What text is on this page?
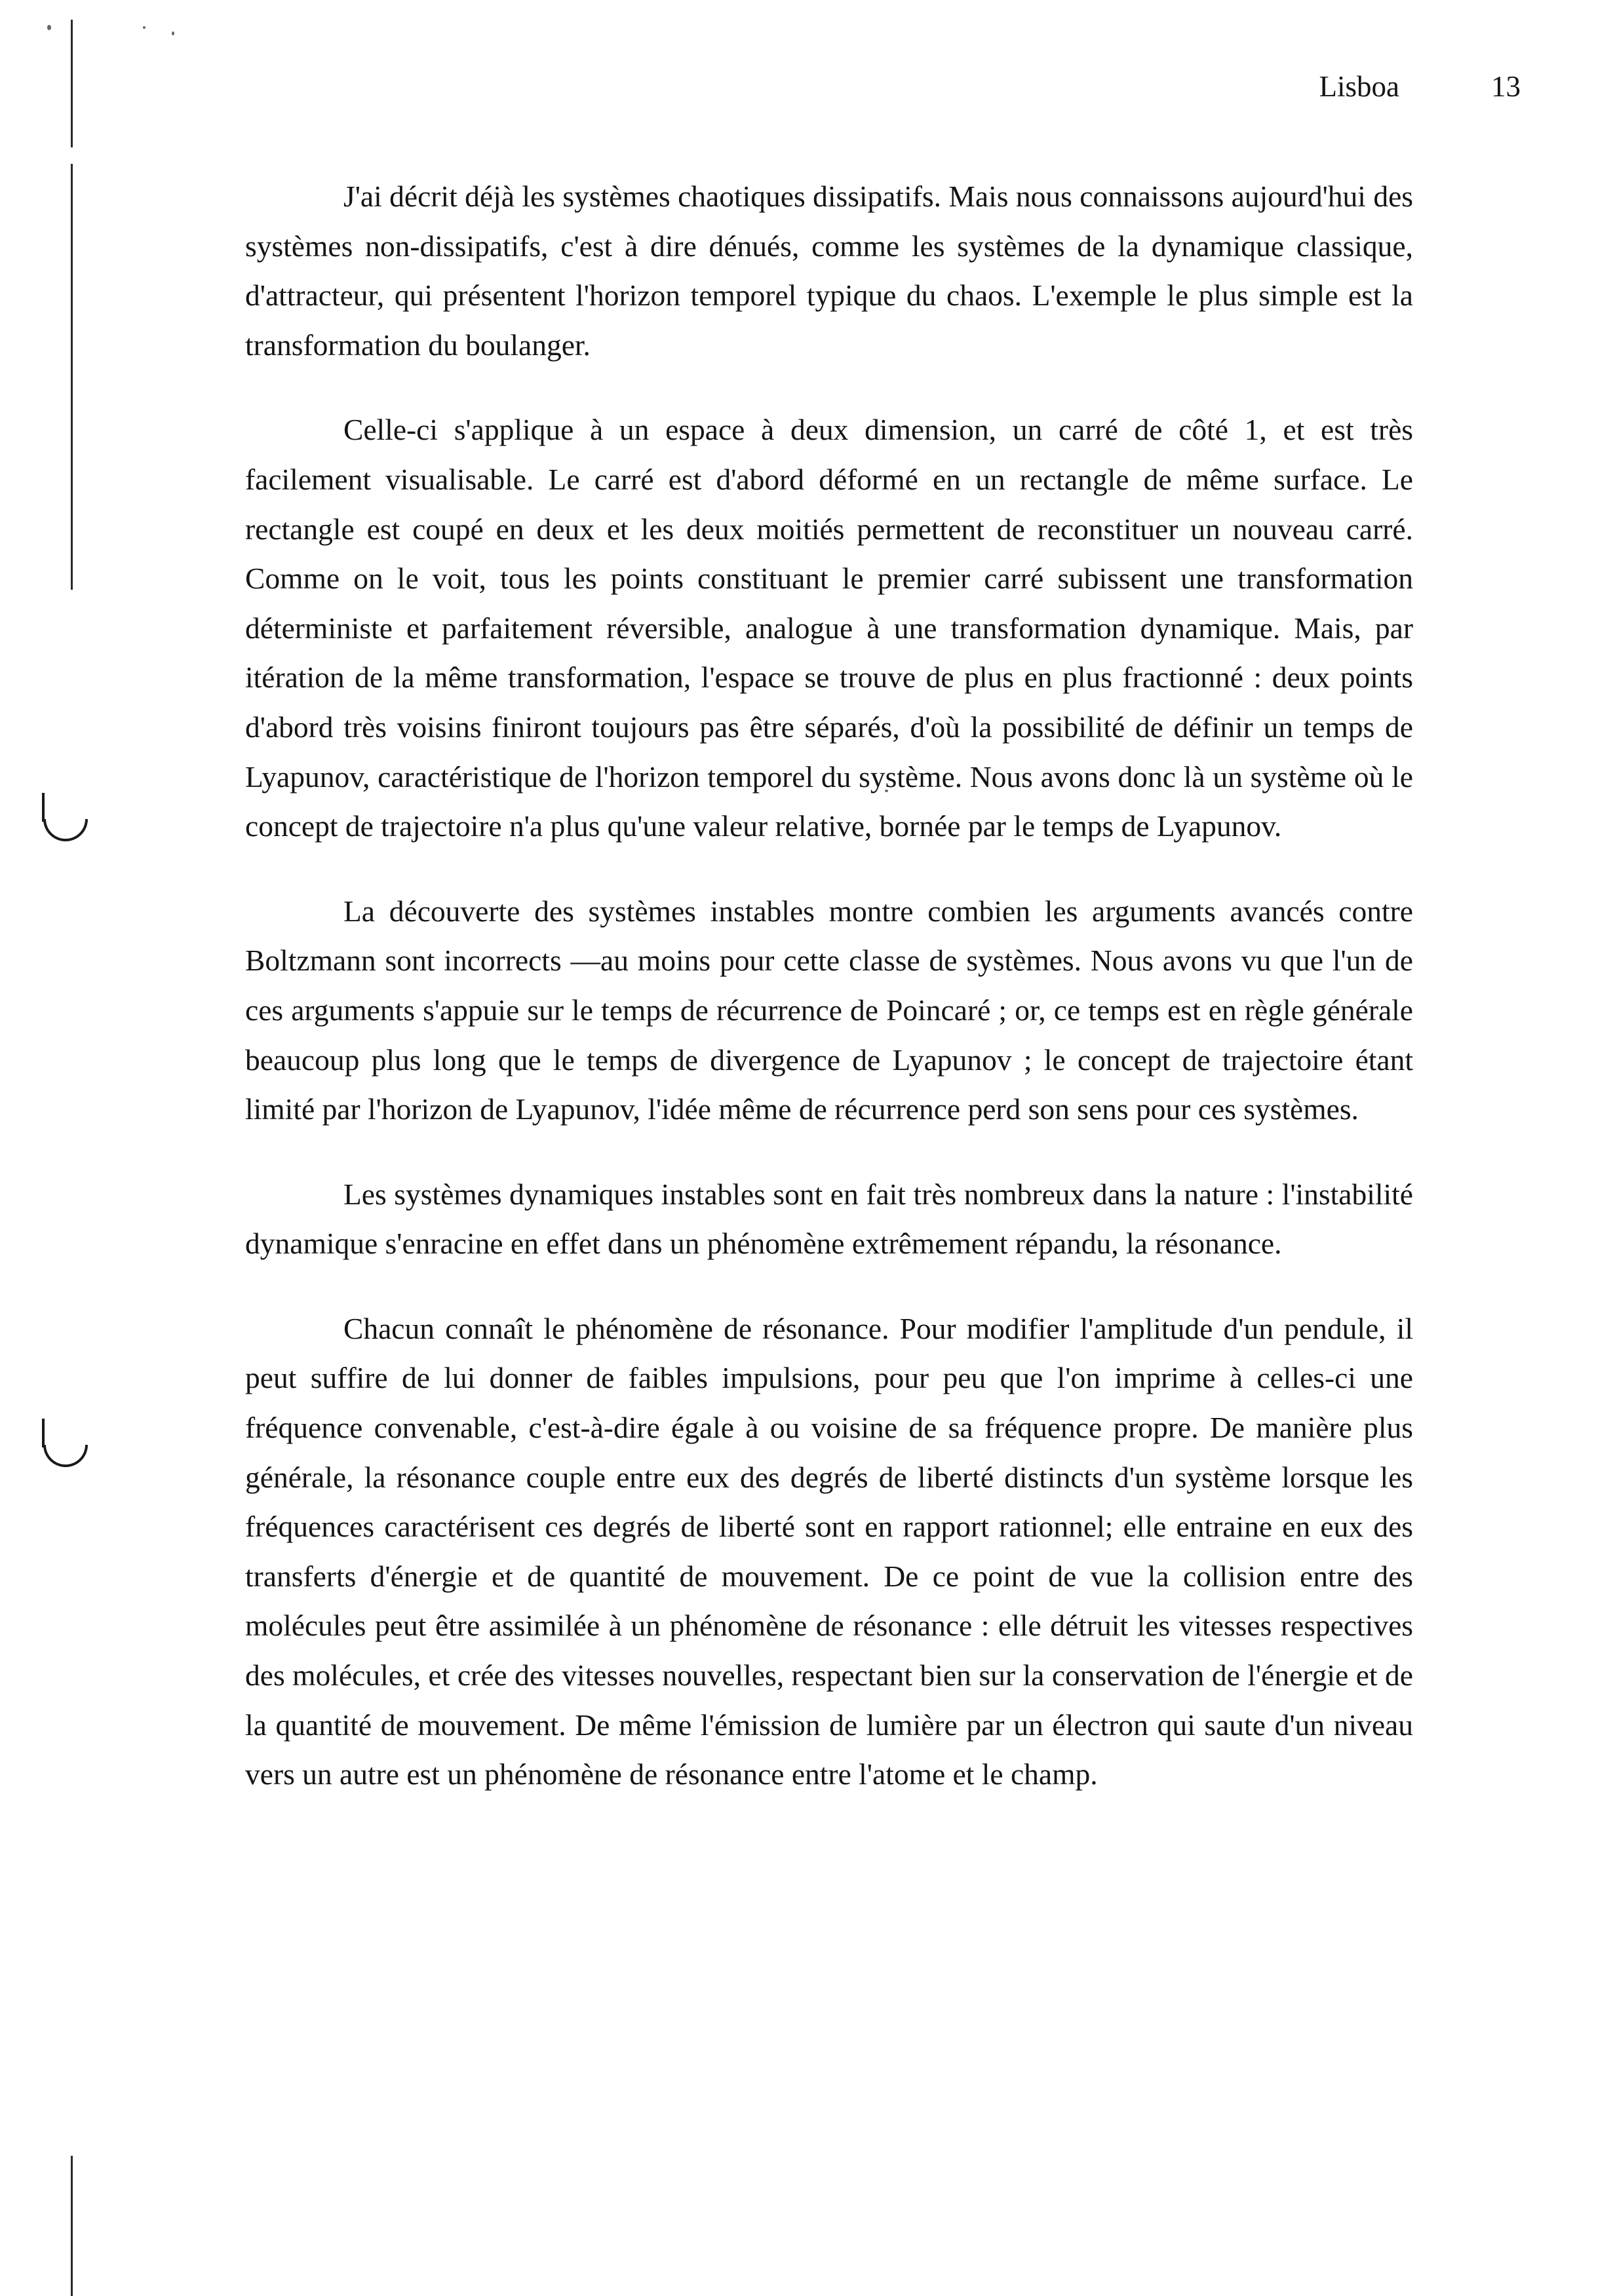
Lisboa	13

J'ai décrit déjà les systèmes chaotiques dissipatifs. Mais nous connaissons aujourd'hui des systèmes non-dissipatifs, c'est à dire dénués, comme les systèmes de la dynamique classique, d'attracteur, qui présentent l'horizon temporel typique du chaos. L'exemple le plus simple est la transformation du boulanger.

Celle-ci s'applique à un espace à deux dimension, un carré de côté 1, et est très facilement visualisable. Le carré est d'abord déformé en un rectangle de même surface. Le rectangle est coupé en deux et les deux moitiés permettent de reconstituer un nouveau carré. Comme on le voit, tous les points constituant le premier carré subissent une transformation déterministe et parfaitement réversible, analogue à une transformation dynamique. Mais, par itération de la même transformation, l'espace se trouve de plus en plus fractionné : deux points d'abord très voisins finiront toujours pas être séparés, d'où la possibilité de définir un temps de Lyapunov, caractéristique de l'horizon temporel du système. Nous avons donc là un système où le concept de trajectoire n'a plus qu'une valeur relative, bornée par le temps de Lyapunov.

La découverte des systèmes instables montre combien les arguments avancés contre Boltzmann sont incorrects —au moins pour cette classe de systèmes. Nous avons vu que l'un de ces arguments s'appuie sur le temps de récurrence de Poincaré ; or, ce temps est en règle générale beaucoup plus long que le temps de divergence de Lyapunov ; le concept de trajectoire étant limité par l'horizon de Lyapunov, l'idée même de récurrence perd son sens pour ces systèmes.

Les systèmes dynamiques instables sont en fait très nombreux dans la nature : l'instabilité dynamique s'enracine en effet dans un phénomène extrêmement répandu, la résonance.

Chacun connaît le phénomène de résonance. Pour modifier l'amplitude d'un pendule, il peut suffire de lui donner de faibles impulsions, pour peu que l'on imprime à celles-ci une fréquence convenable, c'est-à-dire égale à ou voisine de sa fréquence propre. De manière plus générale, la résonance couple entre eux des degrés de liberté distincts d'un système lorsque les fréquences caractérisent ces degrés de liberté sont en rapport rationnel; elle entraine en eux des transferts d'énergie et de quantité de mouvement. De ce point de vue la collision entre des molécules peut être assimilée à un phénomène de résonance : elle détruit les vitesses respectives des molécules, et crée des vitesses nouvelles, respectant bien sur la conservation de l'énergie et de la quantité de mouvement. De même l'émission de lumière par un électron qui saute d'un niveau vers un autre est un phénomène de résonance entre l'atome et le champ.
